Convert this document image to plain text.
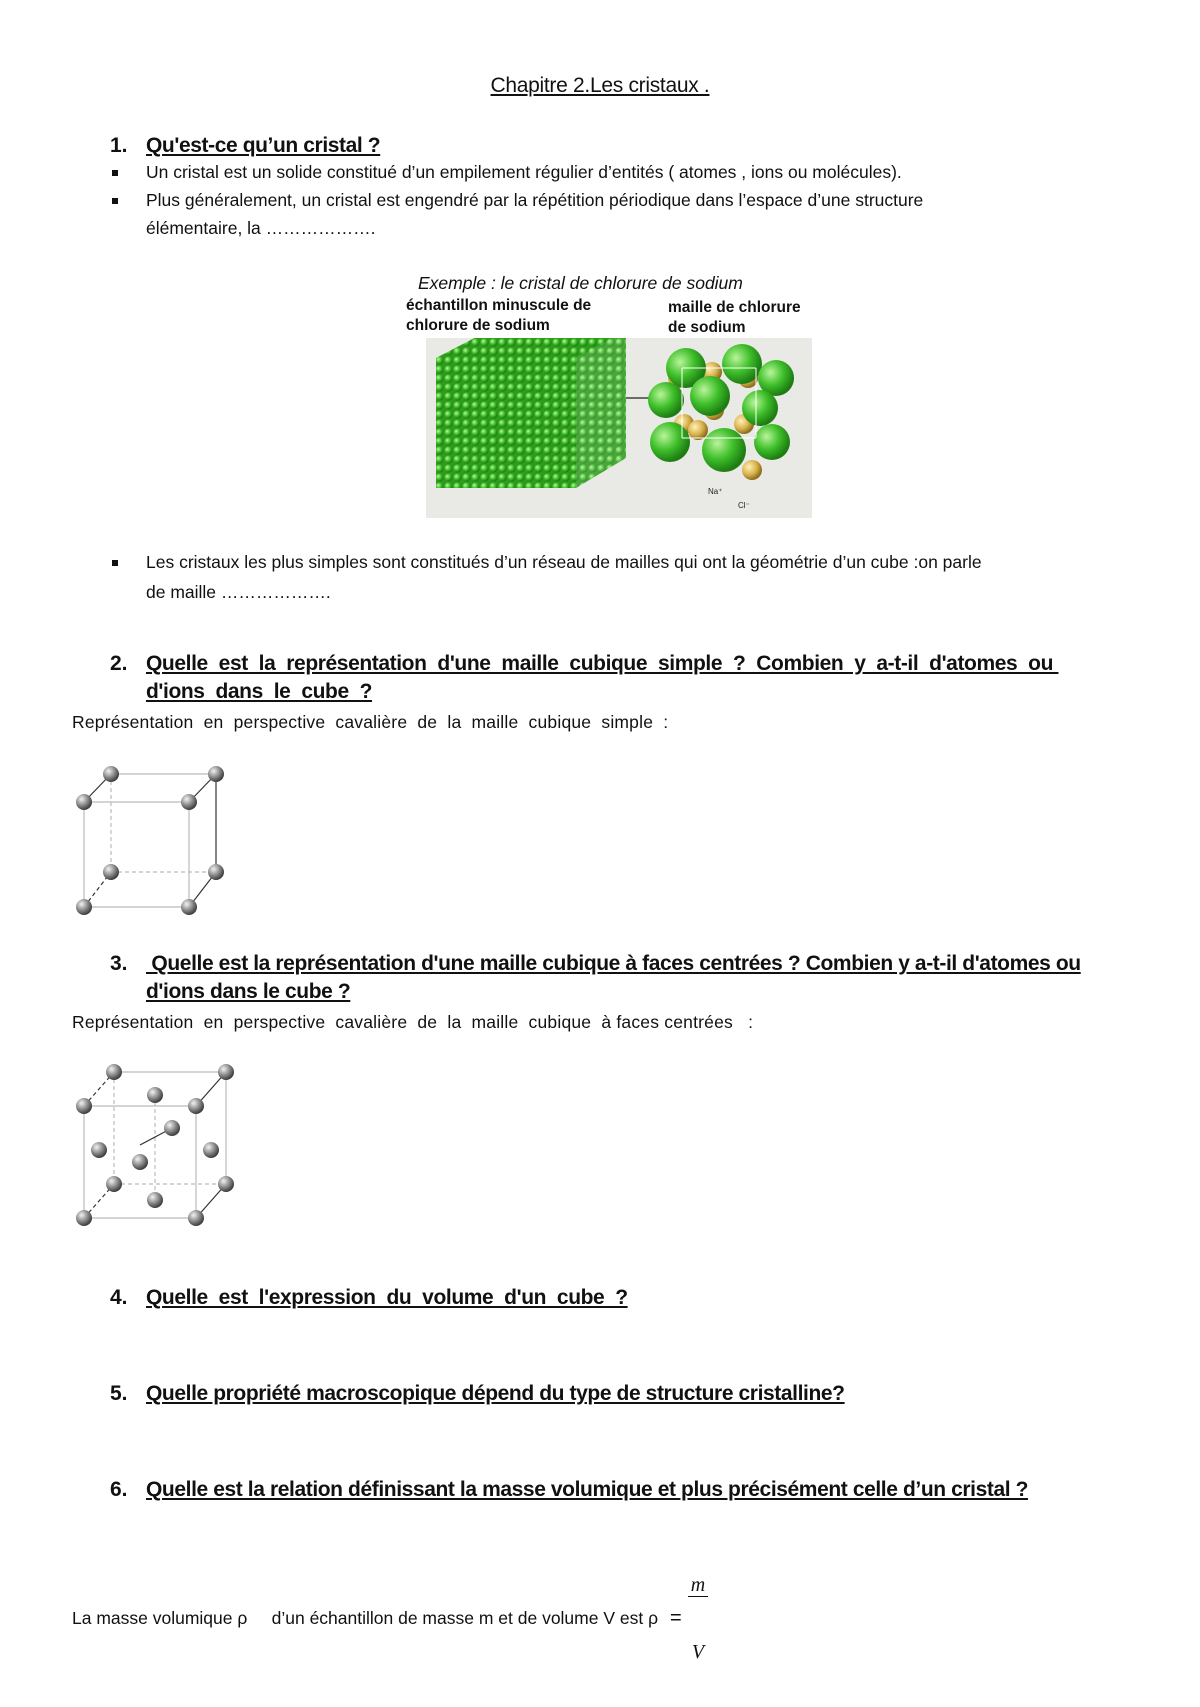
Chapitre 2.Les cristaux .
1. Qu'est-ce qu’un cristal ?
Un cristal est un solide constitué d’un empilement régulier d’entités ( atomes , ions ou molécules).
Plus généralement, un cristal est engendré par la répétition périodique dans l’espace d’une structure
élémentaire, la ……………….
Exemple : le cristal de chlorure de sodium
échantillon minuscule de
chlorure de sodium
maille de chlorure
de sodium
Na⁺
Cl⁻
Les cristaux les plus simples sont constitués d’un réseau de mailles qui ont la géométrie d’un cube :on parle
de maille ……………….
2. Quelle  est  la  représentation  d'une  maille  cubique  simple  ?  Combien  y  a-t-il  d'atomes  ou
d'ions  dans  le  cube  ?
Représentation  en  perspective  cavalière  de  la  maille  cubique  simple  :
3. Quelle est la représentation d'une maille cubique à faces centrées ? Combien y a-t-il d'atomes ou
d'ions dans le cube ?
Représentation  en  perspective  cavalière  de  la  maille  cubique  à faces centrées   :
4. Quelle  est  l'expression  du  volume  d'un  cube  ?
5. Quelle propriété macroscopique dépend du type de structure cristalline?
6. Quelle est la relation définissant la masse volumique et plus précisément celle d’un cristal ?
La masse volumique ρ     d’un échantillon de masse m et de volume V est ρ =

$\frac{m}{V}$
